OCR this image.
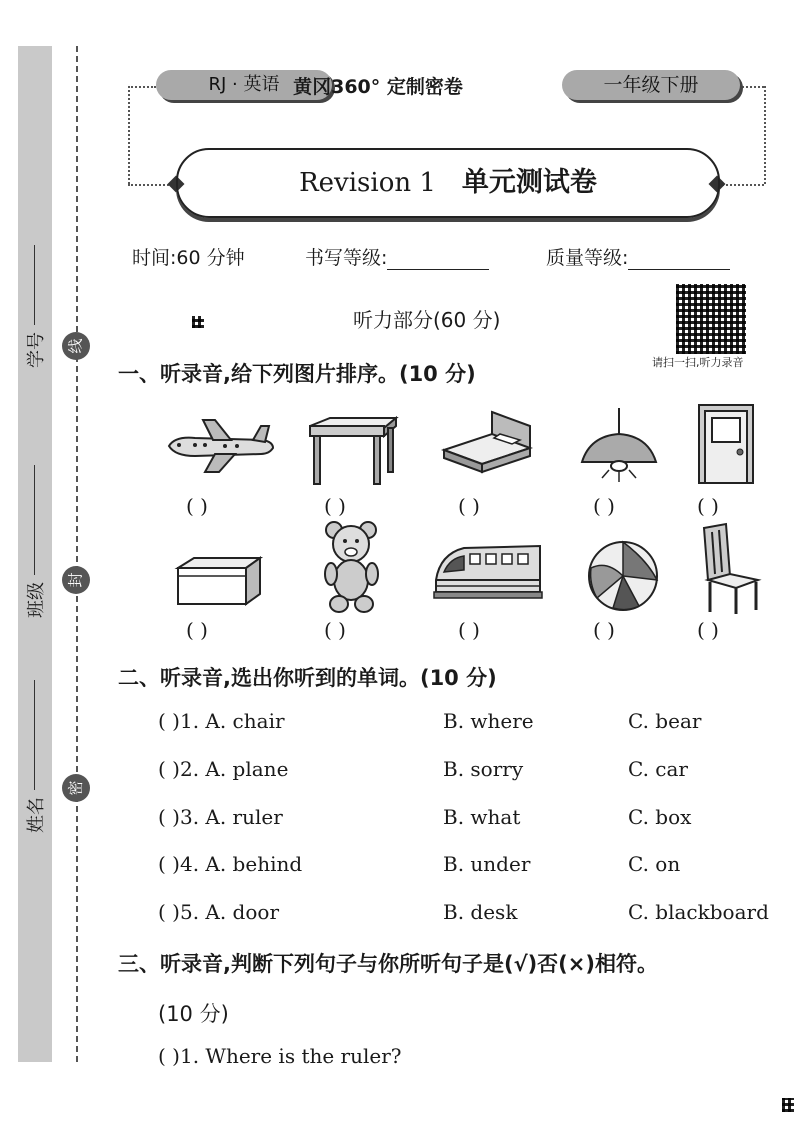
学号
班级
姓名
线
封
密
RJ · 英语 黄冈360° 定制密卷	一年级下册
Revision 1 单元测试卷
时间:60 分钟	书写等级:	质量等级:
听力部分(60 分)
请扫一扫,听力录音
一、听录音,给下列图片排序。(10 分)
( )	( )	( )	( )	( )
( )	( )	( )	( )	( )
二、听录音,选出你听到的单词。(10 分)
( )1. A. chair	B. where	C. bear
( )2. A. plane	B. sorry	C. car
( )3. A. ruler	B. what	C. box
( )4. A. behind	B. under	C. on
( )5. A. door	B. desk	C. blackboard
三、听录音,判断下列句子与你所听句子是(√)否(×)相符。
(10 分)
( )1. Where is the ruler?
